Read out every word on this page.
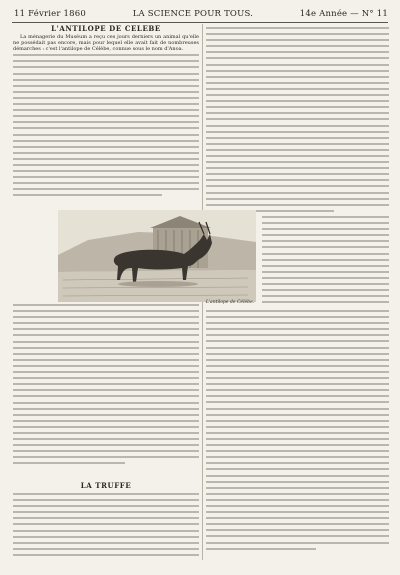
11 Février 1860	LA SCIENCE POUR TOUS.	14e Année — N° 11
L'ANTILOPE DE CELEBE

La ménagerie du Muséum a reçu ces jours derniers un animal qu'elle ne possédait pas encore, mais pour lequel elle avait fait de nombreuses démarches : c'est l'antilope de Célèbe, connue sous le nom d'Anoa.

LA TRUFFE
L'antilope de Célèbe.
